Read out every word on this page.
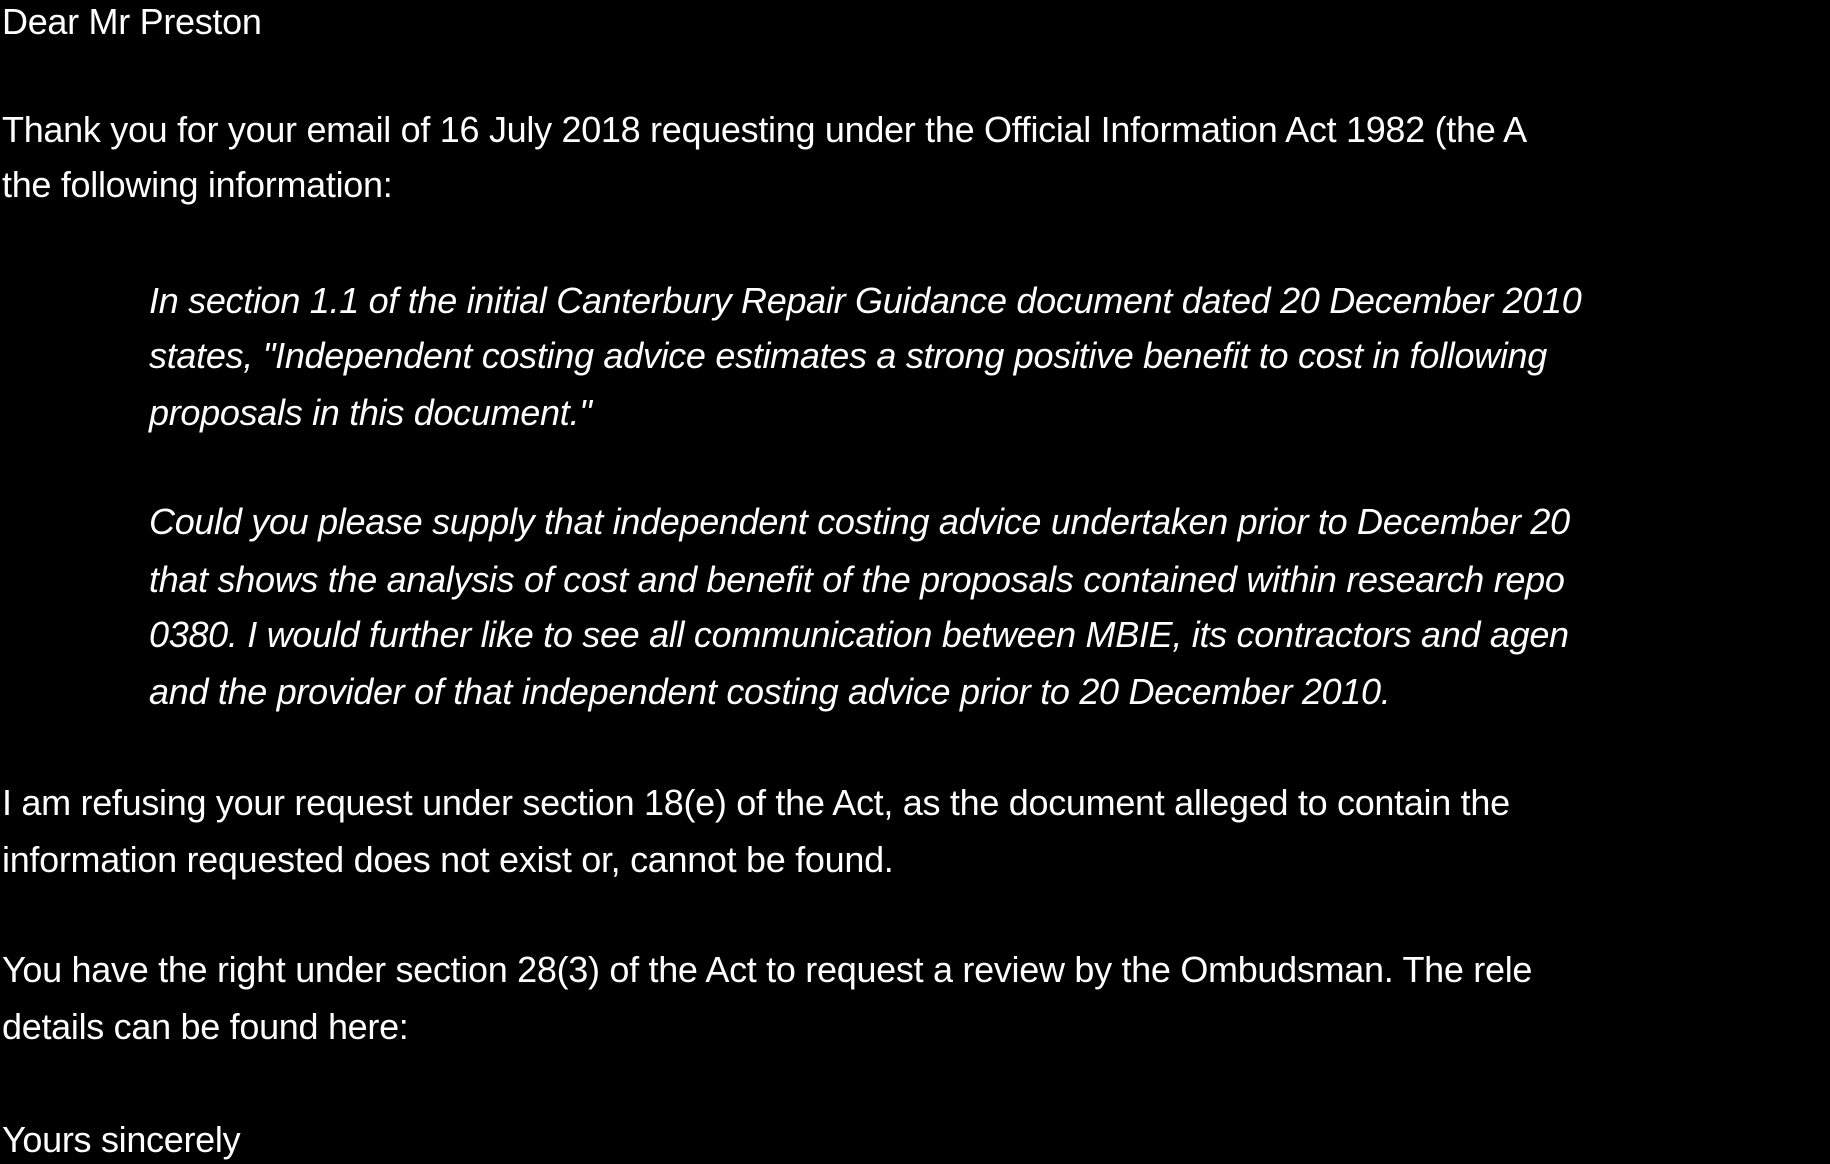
Dear Mr Preston
Thank you for your email of 16 July 2018 requesting under the Official Information Act 1982 (the A
the following information:
In section 1.1 of the initial Canterbury Repair Guidance document dated 20 December 2010
states, "Independent costing advice estimates a strong positive benefit to cost in following
proposals in this document."
Could you please supply that independent costing advice undertaken prior to December 20
that shows the analysis of cost and benefit of the proposals contained within research repo
0380. I would further like to see all communication between MBIE, its contractors and agen
and the provider of that independent costing advice prior to 20 December 2010.
I am refusing your request under section 18(e) of the Act, as the document alleged to contain the
information requested does not exist or, cannot be found.
You have the right under section 28(3) of the Act to request a review by the Ombudsman. The rele
details can be found here:
Yours sincerely
